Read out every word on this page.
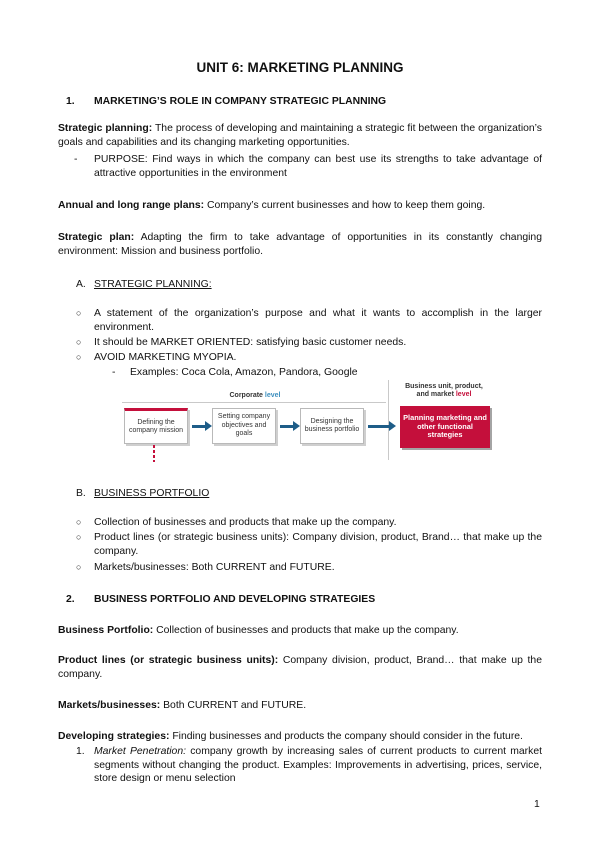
UNIT 6: MARKETING PLANNING
1. MARKETING’S ROLE IN COMPANY STRATEGIC PLANNING
Strategic planning: The process of developing and maintaining a strategic fit between the organization’s goals and capabilities and its changing marketing opportunities.
- PURPOSE: Find ways in which the company can best use its strengths to take advantage of attractive opportunities in the environment
Annual and long range plans: Company’s current businesses and how to keep them going.
Strategic plan: Adapting the firm to take advantage of opportunities in its constantly changing environment: Mission and business portfolio.
A. STRATEGIC PLANNING:
○ A statement of the organization’s purpose and what it wants to accomplish in the larger environment.
○ It should be MARKET ORIENTED: satisfying basic customer needs.
○ AVOID MARKETING MYOPIA.
- Examples: Coca Cola, Amazon, Pandora, Google
Corporate level
Business unit, product,
and market level
Defining the company mission
Setting company objectives and goals
Designing the business portfolio
Planning marketing and other functional strategies
B. BUSINESS PORTFOLIO
○ Collection of businesses and products that make up the company.
○ Product lines (or strategic business units): Company division, product, Brand… that make up the company.
○ Markets/businesses: Both CURRENT and FUTURE.
2. BUSINESS PORTFOLIO AND DEVELOPING STRATEGIES
Business Portfolio: Collection of businesses and products that make up the company.
Product lines (or strategic business units): Company division, product, Brand… that make up the company.
Markets/businesses: Both CURRENT and FUTURE.
Developing strategies: Finding businesses and products the company should consider in the future.
1. Market Penetration: company growth by increasing sales of current products to current market segments without changing the product. Examples: Improvements in advertising, prices, service, store design or menu selection
1
